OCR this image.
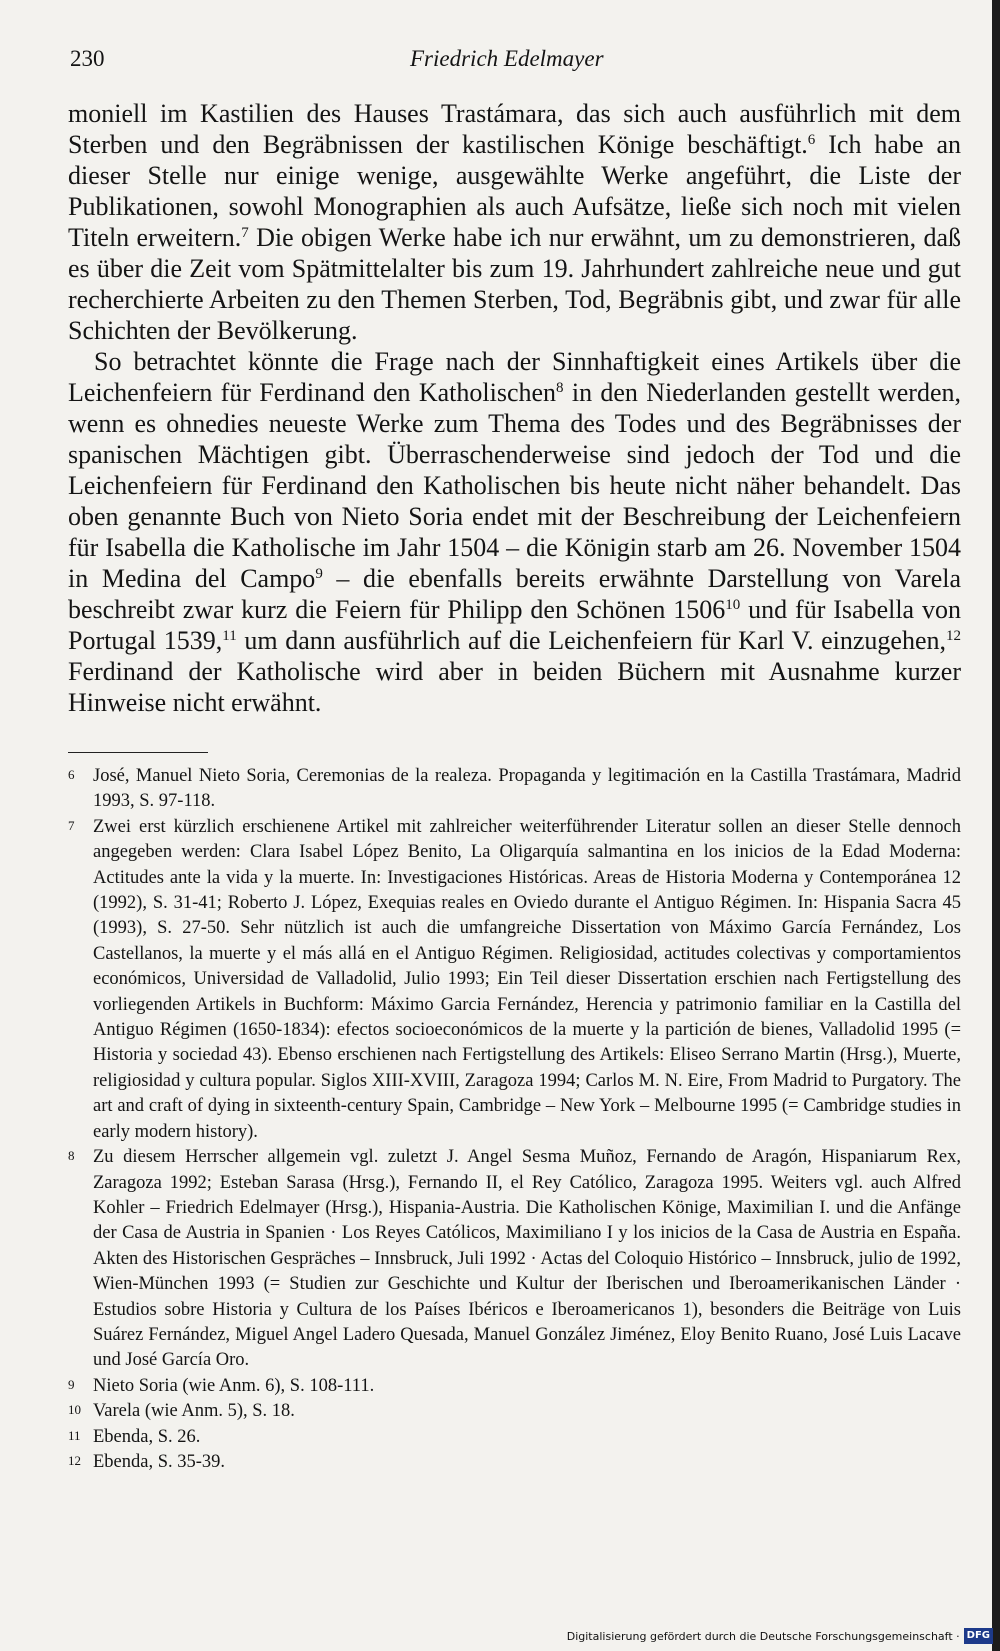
230	Friedrich Edelmayer

moniell im Kastilien des Hauses Trastámara, das sich auch ausführlich mit dem Sterben und den Begräbnissen der kastilischen Könige beschäftigt.$^6$ Ich habe an dieser Stelle nur einige wenige, ausgewählte Werke angeführt, die Liste der Publikationen, sowohl Monographien als auch Aufsätze, ließe sich noch mit vielen Titeln erweitern.$^7$ Die obigen Werke habe ich nur erwähnt, um zu demonstrieren, daß es über die Zeit vom Spätmittelalter bis zum 19. Jahrhundert zahlreiche neue und gut recherchierte Arbeiten zu den Themen Sterben, Tod, Begräbnis gibt, und zwar für alle Schichten der Bevölkerung.

So betrachtet könnte die Frage nach der Sinnhaftigkeit eines Artikels über die Leichenfeiern für Ferdinand den Katholischen$^8$ in den Niederlanden gestellt werden, wenn es ohnedies neueste Werke zum Thema des Todes und des Begräbnisses der spanischen Mächtigen gibt. Überraschenderweise sind jedoch der Tod und die Leichenfeiern für Ferdinand den Katholischen bis heute nicht näher behandelt. Das oben genannte Buch von Nieto Soria endet mit der Beschreibung der Leichenfeiern für Isabella die Katholische im Jahr 1504 – die Königin starb am 26. November 1504 in Medina del Campo$^9$ – die ebenfalls bereits erwähnte Darstellung von Varela beschreibt zwar kurz die Feiern für Philipp den Schönen 1506$^{10}$ und für Isabella von Portugal 1539,11 um dann ausführlich auf die Leichenfeiern für Karl V. einzugehen,$^{12}$ Ferdinand der Katholische wird aber in beiden Büchern mit Ausnahme kurzer Hinweise nicht erwähnt.

6 José, Manuel Nieto Soria, Ceremonias de la realeza. Propaganda y legitimación en la Castilla Trastámara, Madrid 1993, S. 97-118.

7 Zwei erst kürzlich erschienene Artikel mit zahlreicher weiterführender Literatur sollen an dieser Stelle dennoch angegeben werden: Clara Isabel López Benito, La Oligarquía salmantina en los inicios de la Edad Moderna: Actitudes ante la vida y la muerte. In: Investigaciones Históricas. Areas de Historia Moderna y Contemporánea 12 (1992), S. 31-41; Roberto J. López, Exequias reales en Oviedo durante el Antiguo Régimen. In: Hispania Sacra 45 (1993), S. 27-50. Sehr nützlich ist auch die umfangreiche Dissertation von Máximo García Fernández, Los Castellanos, la muerte y el más allá en el Antiguo Régimen. Religiosidad, actitudes colectivas y comportamientos económicos, Universidad de Valladolid, Julio 1993; Ein Teil dieser Dissertation erschien nach Fertigstellung des vorliegenden Artikels in Buchform: Máximo Garcia Fernández, Herencia y patrimonio familiar en la Castilla del Antiguo Régimen (1650-1834): efectos socioeconómicos de la muerte y la partición de bienes, Valladolid 1995 (= Historia y sociedad 43). Ebenso erschienen nach Fertigstellung des Artikels: Eliseo Serrano Martin (Hrsg.), Muerte, religiosidad y cultura popular. Siglos XIII-XVIII, Zaragoza 1994; Carlos M. N. Eire, From Madrid to Purgatory. The art and craft of dying in sixteenth-century Spain, Cambridge – New York – Melbourne 1995 (= Cambridge studies in early modern history).

8 Zu diesem Herrscher allgemein vgl. zuletzt J. Angel Sesma Muñoz, Fernando de Aragón, Hispaniarum Rex, Zaragoza 1992; Esteban Sarasa (Hrsg.), Fernando II, el Rey Católico, Zaragoza 1995. Weiters vgl. auch Alfred Kohler – Friedrich Edelmayer (Hrsg.), Hispania-Austria. Die Katholischen Könige, Maximilian I. und die Anfänge der Casa de Austria in Spanien · Los Reyes Católicos, Maximiliano I y los inicios de la Casa de Austria en España. Akten des Historischen Gespräches – Innsbruck, Juli 1992 · Actas del Coloquio Histórico – Innsbruck, julio de 1992, Wien-München 1993 (= Studien zur Geschichte und Kultur der Iberischen und Iberoamerikanischen Länder · Estudios sobre Historia y Cultura de los Países Ibéricos e Iberoamericanos 1), besonders die Beiträge von Luis Suárez Fernández, Miguel Angel Ladero Quesada, Manuel González Jiménez, Eloy Benito Ruano, José Luis Lacave und José García Oro.

9 Nieto Soria (wie Anm. 6), S. 108-111.

10 Varela (wie Anm. 5), S. 18.

11 Ebenda, S. 26.

12 Ebenda, S. 35-39.

Digitalisierung gefördert durch die Deutsche Forschungsgemeinschaft · DFG
